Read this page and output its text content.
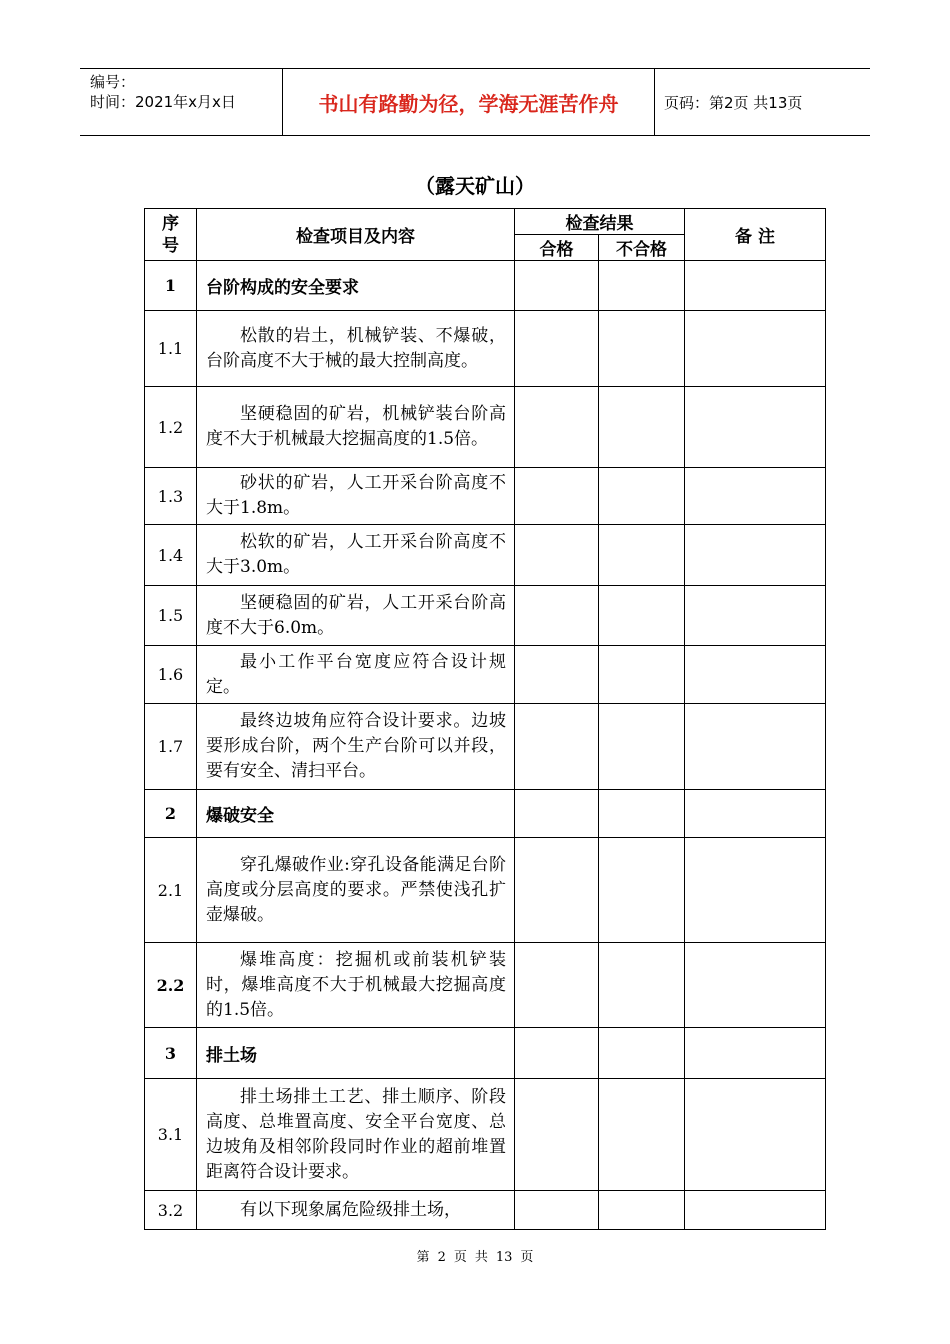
编号：
时间：2021年x月x日	书山有路勤为径，学海无涯苦作舟	页码：第2页 共13页
（露天矿山）
序号	检查项目及内容	检查结果		备 注
		合格	不合格	
1	台阶构成的安全要求			
1.1	松散的岩土，机械铲装、不爆破，台阶高度不大于械的最大控制高度。			

1.2	坚硬稳固的矿岩，机械铲装台阶高度不大于机械最大挖掘高度的1.5倍。			

1.3	砂状的矿岩，人工开采台阶高度不大于1.8m。			

1.4	松软的矿岩，人工开采台阶高度不大于3.0m。			

1.5	坚硬稳固的矿岩，人工开采台阶高度不大于6.0m。			

1.6	最小工作平台宽度应符合设计规定。			

1.7	最终边坡角应符合设计要求。边坡要形成台阶，两个生产台阶可以并段，要有安全、清扫平台。			

2	爆破安全			
2.1	穿孔爆破作业:穿孔设备能满足台阶高度或分层高度的要求。严禁使浅孔扩壶爆破。			

2.2	爆堆高度：挖掘机或前装机铲装时，爆堆高度不大于机械最大挖掘高度的1.5倍。			

3	排土场			
3.1	排土场排土工艺、排土顺序、阶段高度、总堆置高度、安全平台宽度、总边坡角及相邻阶段同时作业的超前堆置距离符合设计要求。			

3.2	有以下现象属危险级排土场，			

第 2 页 共 13 页
